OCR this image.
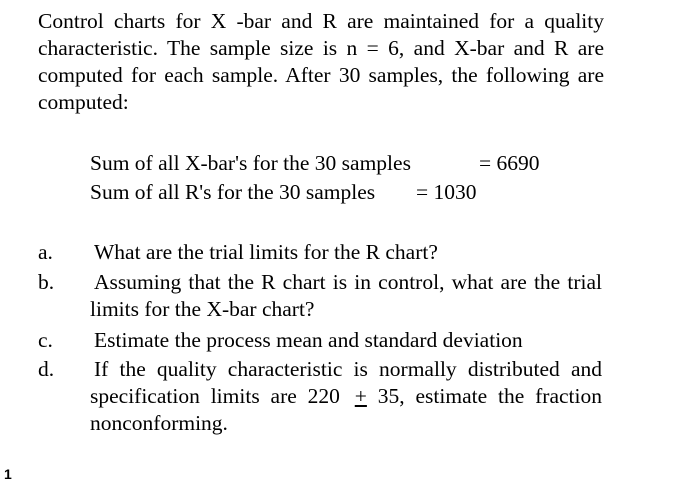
Control charts for X -bar and R are maintained for a quality characteristic. The sample size is n = 6, and X-bar and R are computed for each sample. After 30 samples, the following are computed:

Sum of all X-bar's for the 30 samples	= 6690
Sum of all R's for the 30 samples = 1030
a. What are the trial limits for the R chart?

b. Assuming that the R chart is in control, what are the trial limits for the X-bar chart?

c. Estimate the process mean and standard deviation

d. If the quality characteristic is normally distributed and specification limits are 220 + 35, estimate the fraction nonconforming.

1
